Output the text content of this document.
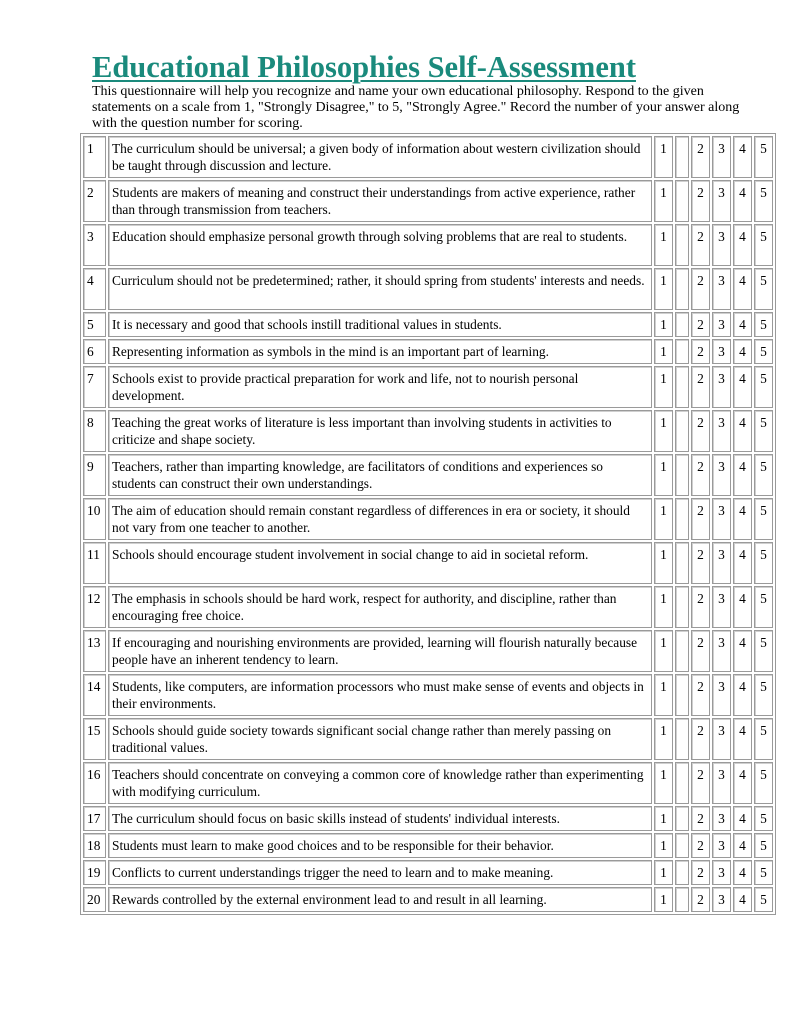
Educational Philosophies Self-Assessment

This questionnaire will help you recognize and name your own educational philosophy. Respond to the given statements on a scale from 1, "Strongly Disagree," to 5, "Strongly Agree." Record the number of your answer along with the question number for scoring.

1	The curriculum should be universal; a given body of information about western civilization should be taught through discussion and lecture.	1		2	3	4	5
2	Students are makers of meaning and construct their understandings from active experience, rather than through transmission from teachers.	1		2	3	4	5
3	Education should emphasize personal growth through solving problems that are real to students.	1		2	3	4	5
4	Curriculum should not be predetermined; rather, it should spring from students' interests and needs.	1		2	3	4	5
5	It is necessary and good that schools instill traditional values in students.	1		2	3	4	5
6	Representing information as symbols in the mind is an important part of learning.	1		2	3	4	5
7	Schools exist to provide practical preparation for work and life, not to nourish personal development.	1		2	3	4	5
8	Teaching the great works of literature is less important than involving students in activities to criticize and shape society.	1		2	3	4	5
9	Teachers, rather than imparting knowledge, are facilitators of conditions and experiences so students can construct their own understandings.	1		2	3	4	5
10	The aim of education should remain constant regardless of differences in era or society, it should not vary from one teacher to another.	1		2	3	4	5
11	Schools should encourage student involvement in social change to aid in societal reform.	1		2	3	4	5
12	The emphasis in schools should be hard work, respect for authority, and discipline, rather than encouraging free choice.	1		2	3	4	5
13	If encouraging and nourishing environments are provided, learning will flourish naturally because people have an inherent tendency to learn.	1		2	3	4	5
14	Students, like computers, are information processors who must make sense of events and objects in their environments.	1		2	3	4	5
15	Schools should guide society towards significant social change rather than merely passing on traditional values.	1		2	3	4	5
16	Teachers should concentrate on conveying a common core of knowledge rather than experimenting with modifying curriculum.	1		2	3	4	5
17	The curriculum should focus on basic skills instead of students' individual interests.	1		2	3	4	5
18	Students must learn to make good choices and to be responsible for their behavior.	1		2	3	4	5
19	Conflicts to current understandings trigger the need to learn and to make meaning.	1		2	3	4	5
20	Rewards controlled by the external environment lead to and result in all learning.	1		2	3	4	5
